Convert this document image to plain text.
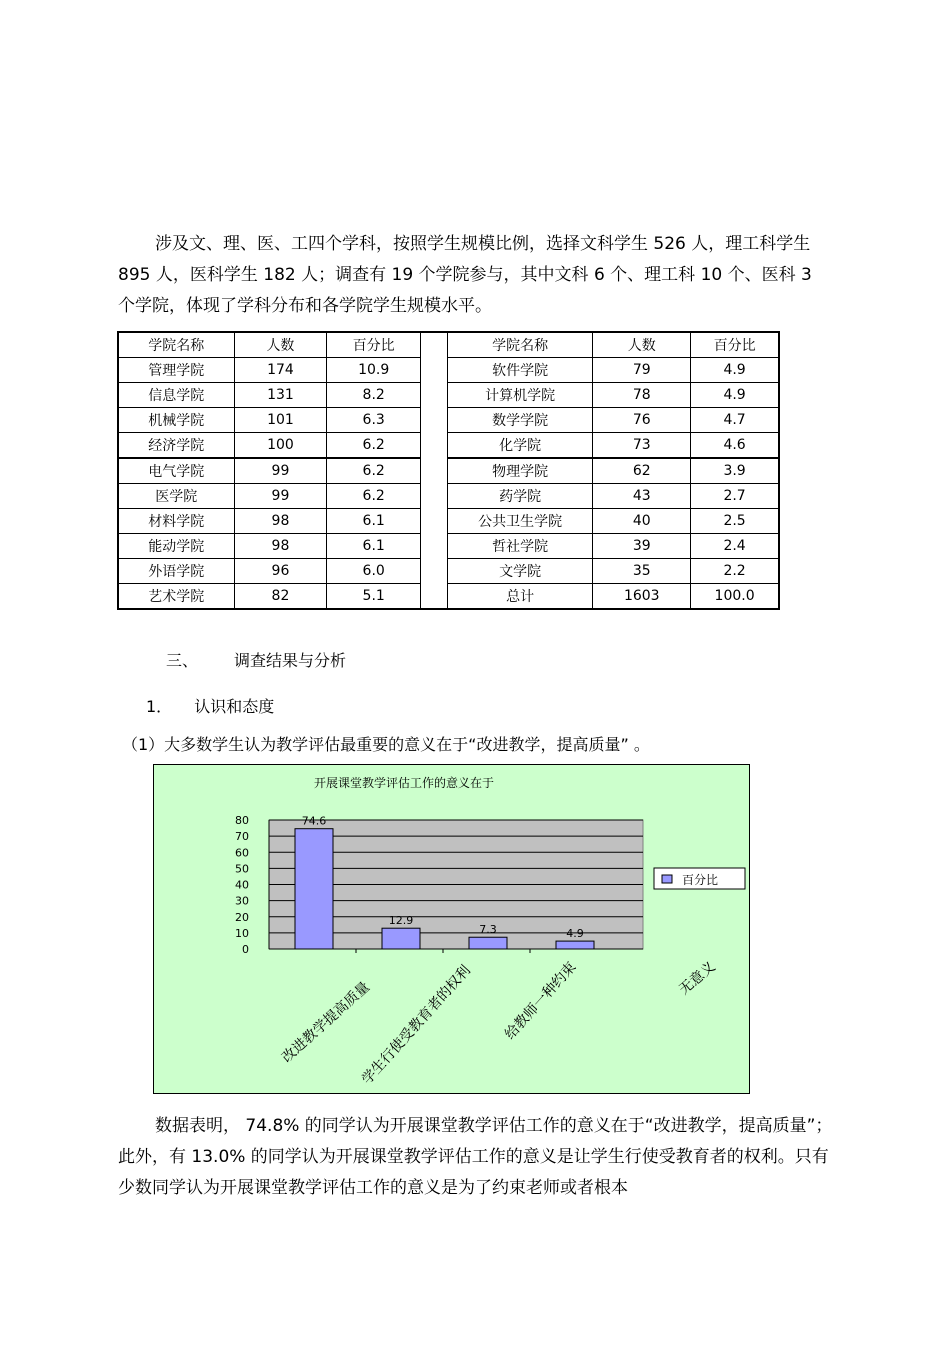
涉及文、理、医、工四个学科，按照学生规模比例，选择文科学生 526 人，理工科学生 895 人，医科学生 182 人；调查有 19 个学院参与，其中文科 6 个、理工科 10 个、医科 3 个学院，体现了学科分布和各学院学生规模水平。

学院名称	人数	百分比		学院名称	人数	百分比
管理学院	174	10.9		软件学院	79	4.9
信息学院	131	8.2		计算机学院	78	4.9
机械学院	101	6.3		数学学院	76	4.7
经济学院	100	6.2		化学院	73	4.6
电气学院	99	6.2		物理学院	62	3.9
医学院	99	6.2		药学院	43	2.7
材料学院	98	6.1		公共卫生学院	40	2.5
能动学院	98	6.1		哲社学院	39	2.4
外语学院	96	6.0		文学院	35	2.2
艺术学院	82	5.1		总计	1603	100.0
三、 调查结果与分析
1． 认识和态度
（1）大多数学生认为教学评估最重要的意义在于“改进教学，提高质量” 。
开展课堂教学评估工作的意义在于
0
10
20
30
40
50
60
70
80	74.6
12.9
7.3	4.9
改进教学提高质量
学生行使受教育者的权利 给教师一种约束	无意义
百分比

数据表明， 74.8% 的同学认为开展课堂教学评估工作的意义在于“改进教学，提高质量”；此外，有 13.0% 的同学认为开展课堂教学评估工作的意义是让学生行使受教育者的权利。只有少数同学认为开展课堂教学评估工作的意义是为了约束老师或者根本
